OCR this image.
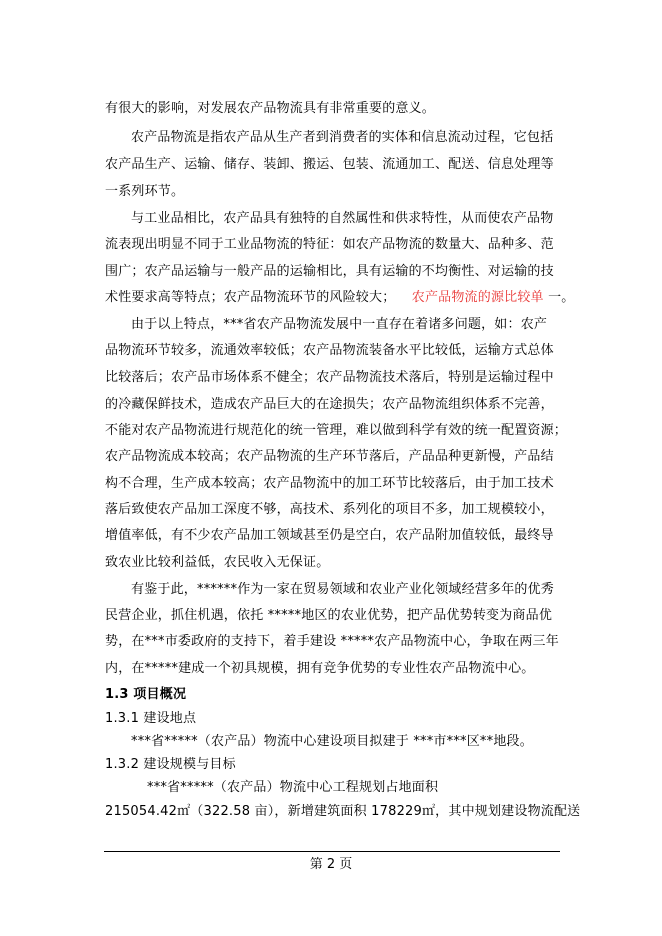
有很大的影响，对发展农产品物流具有非常重要的意义。
农产品物流是指农产品从生产者到消费者的实体和信息流动过程，它包括
农产品生产、运输、储存、装卸、搬运、包装、流通加工、配送、信息处理等
一系列环节。
与工业品相比，农产品具有独特的自然属性和供求特性，从而使农产品物
流表现出明显不同于工业品物流的特征：如农产品物流的数量大、品种多、范
围广；农产品运输与一般产品的运输相比，具有运输的不均衡性、对运输的技
术性要求高等特点；农产品物流环节的风险较大； 农产品物流的源比较单 一。
由于以上特点，***省农产品物流发展中一直存在着诸多问题，如：农产
品物流环节较多，流通效率较低；农产品物流装备水平比较低，运输方式总体
比较落后；农产品市场体系不健全；农产品物流技术落后，特别是运输过程中
的冷藏保鲜技术，造成农产品巨大的在途损失；农产品物流组织体系不完善，
不能对农产品物流进行规范化的统一管理，难以做到科学有效的统一配置资源；
农产品物流成本较高；农产品物流的生产环节落后，产品品种更新慢，产品结
构不合理，生产成本较高；农产品物流中的加工环节比较落后，由于加工技术
落后致使农产品加工深度不够，高技术、系列化的项目不多，加工规模较小，
增值率低，有不少农产品加工领域甚至仍是空白，农产品附加值较低，最终导
致农业比较利益低，农民收入无保证。
有鉴于此，******作为一家在贸易领域和农业产业化领域经营多年的优秀
民营企业，抓住机遇，依托 *****地区的农业优势，把产品优势转变为商品优
势，在***市委政府的支持下，着手建设 *****农产品物流中心，争取在两三年
内，在*****建成一个初具规模，拥有竞争优势的专业性农产品物流中心。
1.3 项目概况
1.3.1 建设地点
***省*****（农产品）物流中心建设项目拟建于 ***市***区**地段。
1.3.2 建设规模与目标
***省*****（农产品）物流中心工程规划占地面积
215054.42㎡（322.58 亩），新增建筑面积 178229㎡，其中规划建设物流配送
第 2 页
